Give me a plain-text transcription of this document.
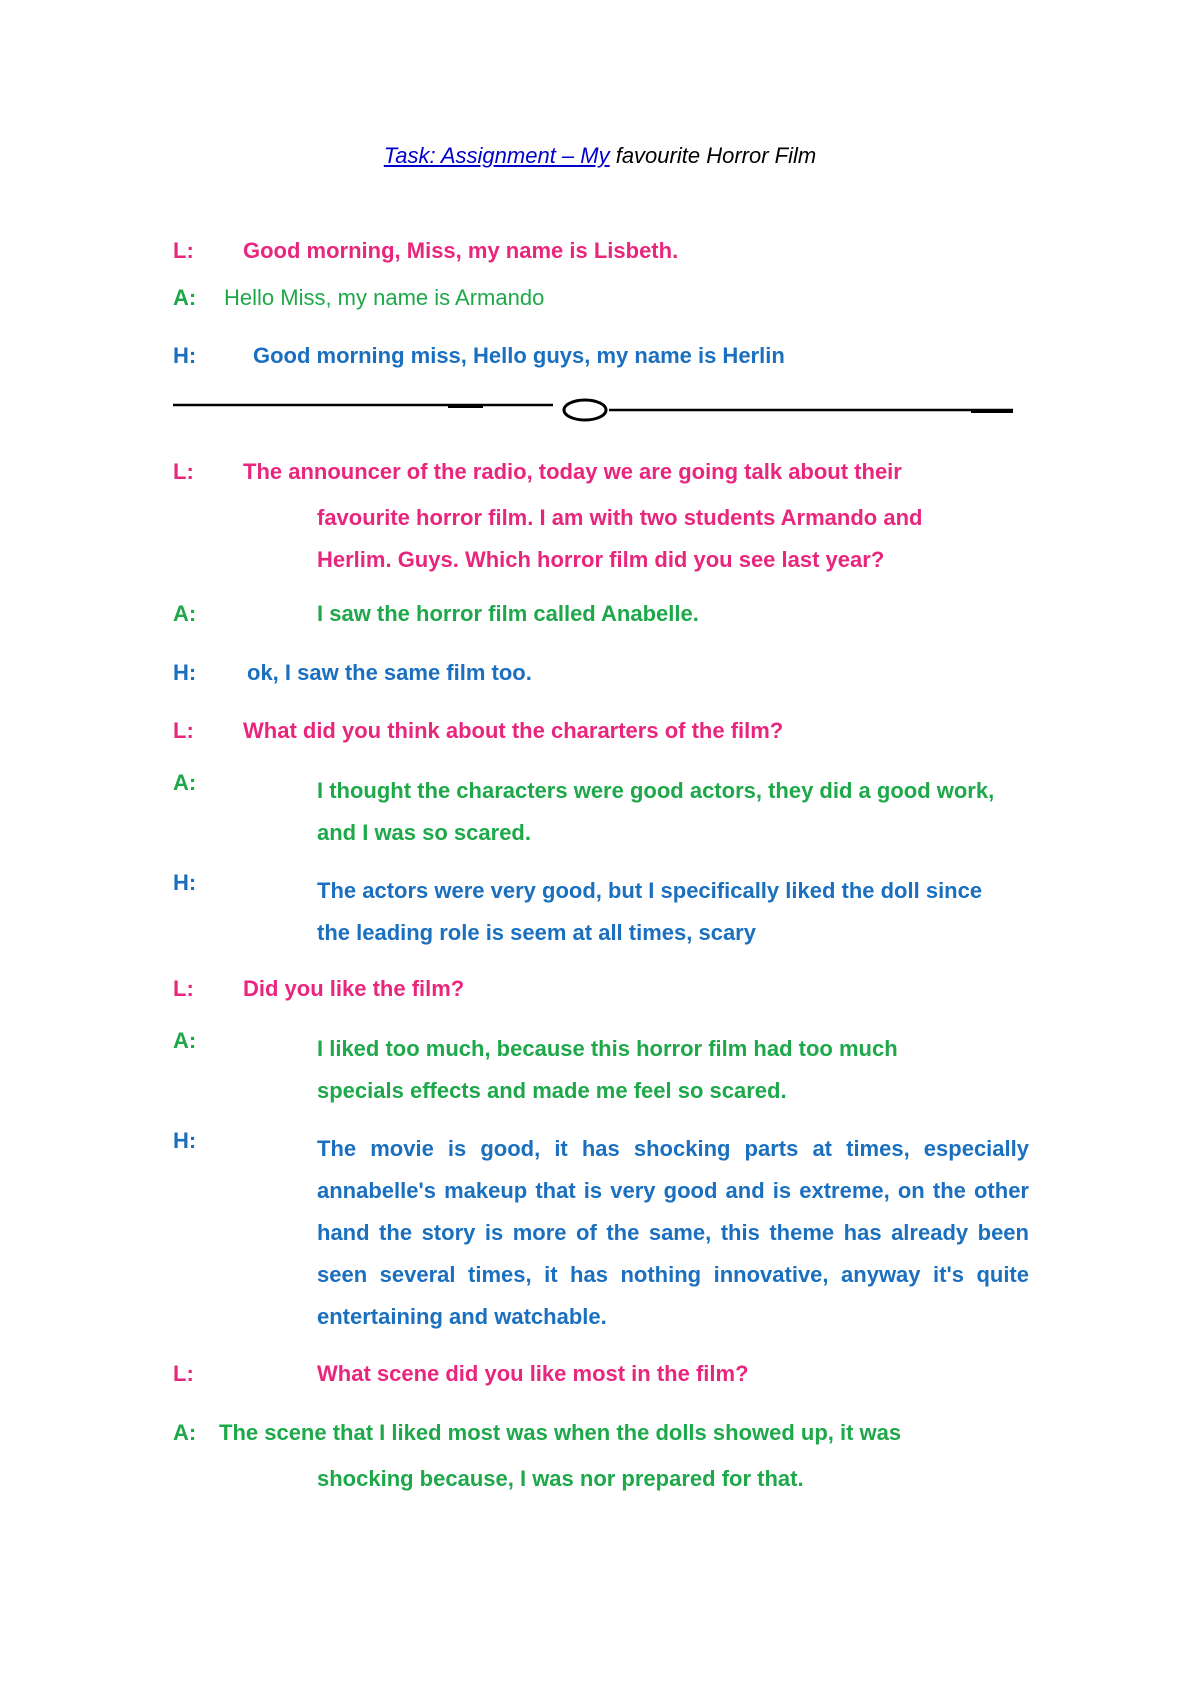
Task: Assignment – My favourite Horror Film
L: Good morning, Miss, my name is Lisbeth.
A: Hello Miss, my name is Armando
H:	Good morning miss, Hello guys, my name is Herlin
L: The announcer of the radio, today we are going talk about their
favourite horror film. I am with two students Armando and Herlim. Guys. Which horror film did you see last year?
A:	I saw the horror film called Anabelle.
H: ok, I saw the same film too.
L: What did you think about the chararters of the film?
A:	I thought the characters were good actors, they did a good work, and I was so scared.
H:	The actors were very good, but I specifically liked the doll since the leading role is seem at all times, scary
L: Did you like the film?
A:	I liked too much, because this horror film had too much specials effects and made me feel so scared.
H:	The movie is good, it has shocking parts at times, especially annabelle's makeup that is very good and is extreme, on the other hand the story is more of the same, this theme has already been seen several times, it has nothing innovative, anyway it's quite entertaining and watchable.
L:	What scene did you like most in the film?
A: The scene that I liked most was when the dolls showed up, it was
shocking because, I was nor prepared for that.
